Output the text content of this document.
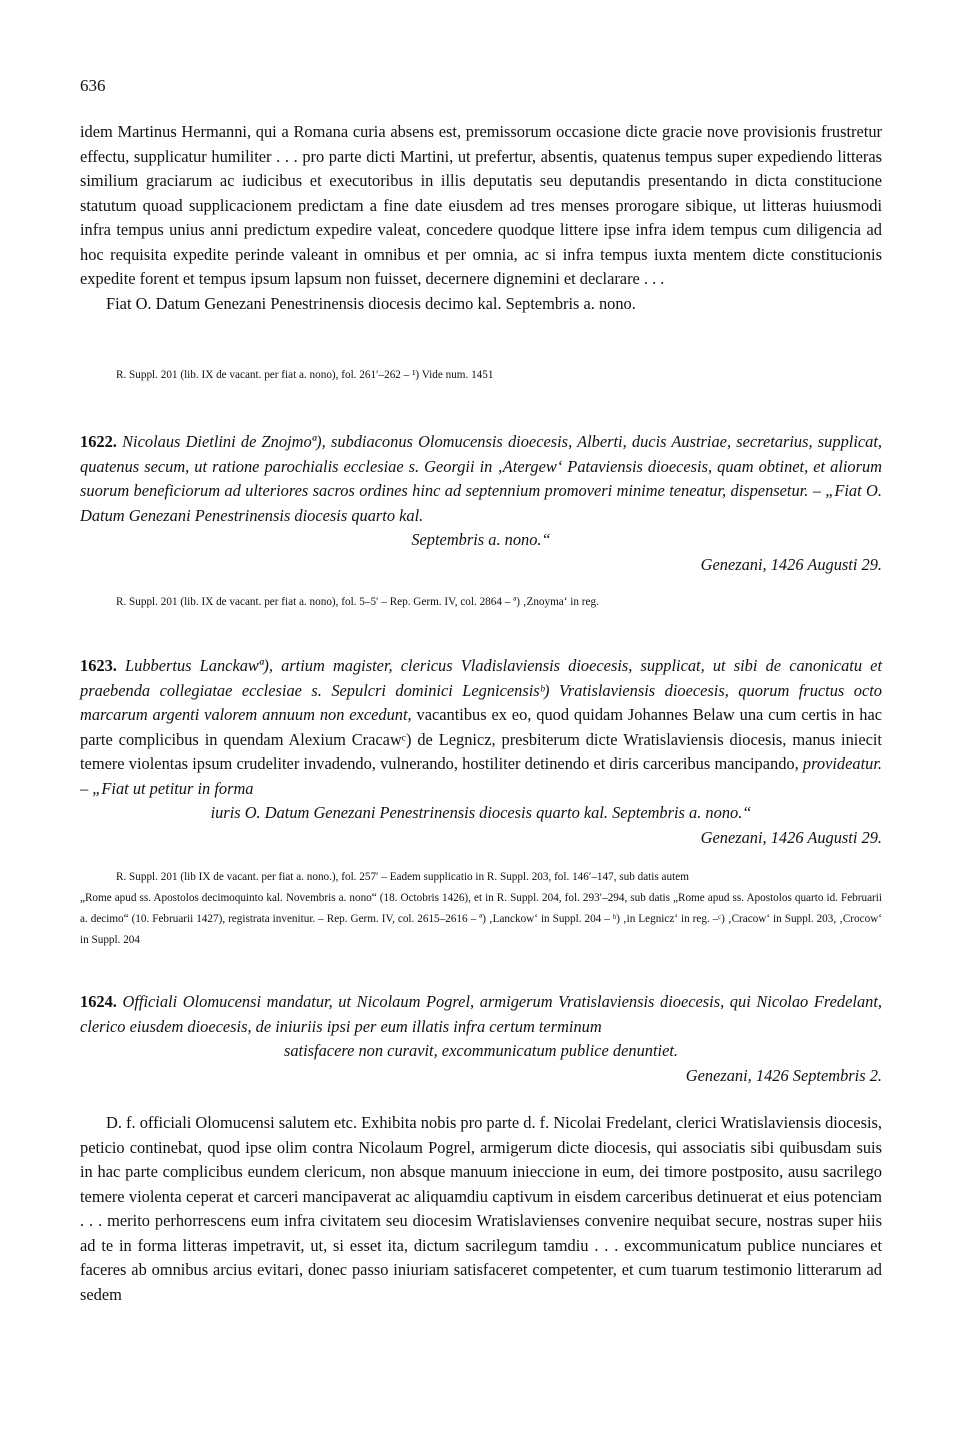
636

idem Martinus Hermanni, qui a Romana curia absens est, premissorum occasione dicte gracie nove provisionis frustretur effectu, supplicatur humiliter . . . pro parte dicti Martini, ut prefertur, absentis, quatenus tempus super expediendo litteras similium graciarum ac iudicibus et executoribus in illis deputatis seu deputandis presentando in dicta constitucione statutum quoad supplicacionem predictam a fine date eiusdem ad tres menses prorogare sibique, ut litteras huiusmodi infra tempus unius anni predictum expedire valeat, concedere quodque littere ipse infra idem tempus cum diligencia ad hoc requisita expedite perinde valeant in omnibus et per omnia, ac si infra tempus iuxta mentem dicte constitucionis expedite forent et tempus ipsum lapsum non fuisset, decernere dignemini et declarare . . .

Fiat O. Datum Genezani Penestrinensis diocesis decimo kal. Septembris a. nono.

R. Suppl. 201 (lib. IX de vacant. per fiat a. nono), fol. 261′–262 – ¹) Vide num. 1451

1622. Nicolaus Dietlini de Znojmoª), subdiaconus Olomucensis dioecesis, Alberti, ducis Austriae, secretarius, supplicat, quatenus secum, ut ratione parochialis ecclesiae s. Georgii in ‚Atergew‘ Pataviensis dioecesis, quam obtinet, et aliorum suorum beneficiorum ad ulteriores sacros ordines hinc ad septennium promoveri minime teneatur, dispensetur. – „Fiat O. Datum Genezani Penestrinensis diocesis quarto kal.

Septembris a. nono.“

Genezani, 1426 Augusti 29.

R. Suppl. 201 (lib. IX de vacant. per fiat a. nono), fol. 5–5′ – Rep. Germ. IV, col. 2864 – ª) ‚Znoyma‘ in reg.

1623. Lubbertus Lanckawª), artium magister, clericus Vladislaviensis dioecesis, supplicat, ut sibi de canonicatu et praebenda collegiatae ecclesiae s. Sepulcri dominici Legnicensisᵇ) Vratislaviensis dioecesis, quorum fructus octo marcarum argenti valorem annuum non excedunt, vacantibus ex eo, quod quidam Johannes Belaw una cum certis in hac parte complicibus in quendam Alexium Cracawᶜ) de Legnicz, presbiterum dicte Wratislaviensis diocesis, manus iniecit temere violentas ipsum crudeliter invadendo, vulnerando, hostiliter detinendo et diris carceribus mancipando, provideatur. – „Fiat ut petitur in forma

iuris O. Datum Genezani Penestrinensis diocesis quarto kal. Septembris a. nono.“

Genezani, 1426 Augusti 29.

R. Suppl. 201 (lib IX de vacant. per fiat a. nono.), fol. 257′ – Eadem supplicatio in R. Suppl. 203, fol. 146′–147, sub datis autem

„Rome apud ss. Apostolos decimoquinto kal. Novembris a. nono“ (18. Octobris 1426), et in R. Suppl. 204, fol. 293′–294, sub datis „Rome apud ss. Apostolos quarto id. Februarii a. decimo“ (10. Februarii 1427), registrata invenitur. – Rep. Germ. IV, col. 2615–2616 – ª) ‚Lanckow‘ in Suppl. 204 – ᵇ) ‚in Legnicz‘ in reg. –ᶜ) ‚Cracow‘ in Suppl. 203, ‚Crocow‘ in Suppl. 204

1624. Officiali Olomucensi mandatur, ut Nicolaum Pogrel, armigerum Vratislaviensis dioecesis, qui Nicolao Fredelant, clerico eiusdem dioecesis, de iniuriis ipsi per eum illatis infra certum terminum

satisfacere non curavit, excommunicatum publice denuntiet.

Genezani, 1426 Septembris 2.

D. f. officiali Olomucensi salutem etc. Exhibita nobis pro parte d. f. Nicolai Fredelant, clerici Wratislaviensis diocesis, peticio continebat, quod ipse olim contra Nicolaum Pogrel, armigerum dicte diocesis, qui associatis sibi quibusdam suis in hac parte complicibus eundem clericum, non absque manuum inieccione in eum, dei timore postposito, ausu sacrilego temere violenta ceperat et carceri mancipaverat ac aliquamdiu captivum in eisdem carceribus detinuerat et eius potenciam . . . merito perhorrescens eum infra civitatem seu diocesim Wratislavienses convenire nequibat secure, nostras super hiis ad te in forma litteras impetravit, ut, si esset ita, dictum sacrilegum tamdiu . . . excommunicatum publice nunciares et faceres ab omnibus arcius evitari, donec passo iniuriam satisfaceret competenter, et cum tuarum testimonio litterarum ad sedem
